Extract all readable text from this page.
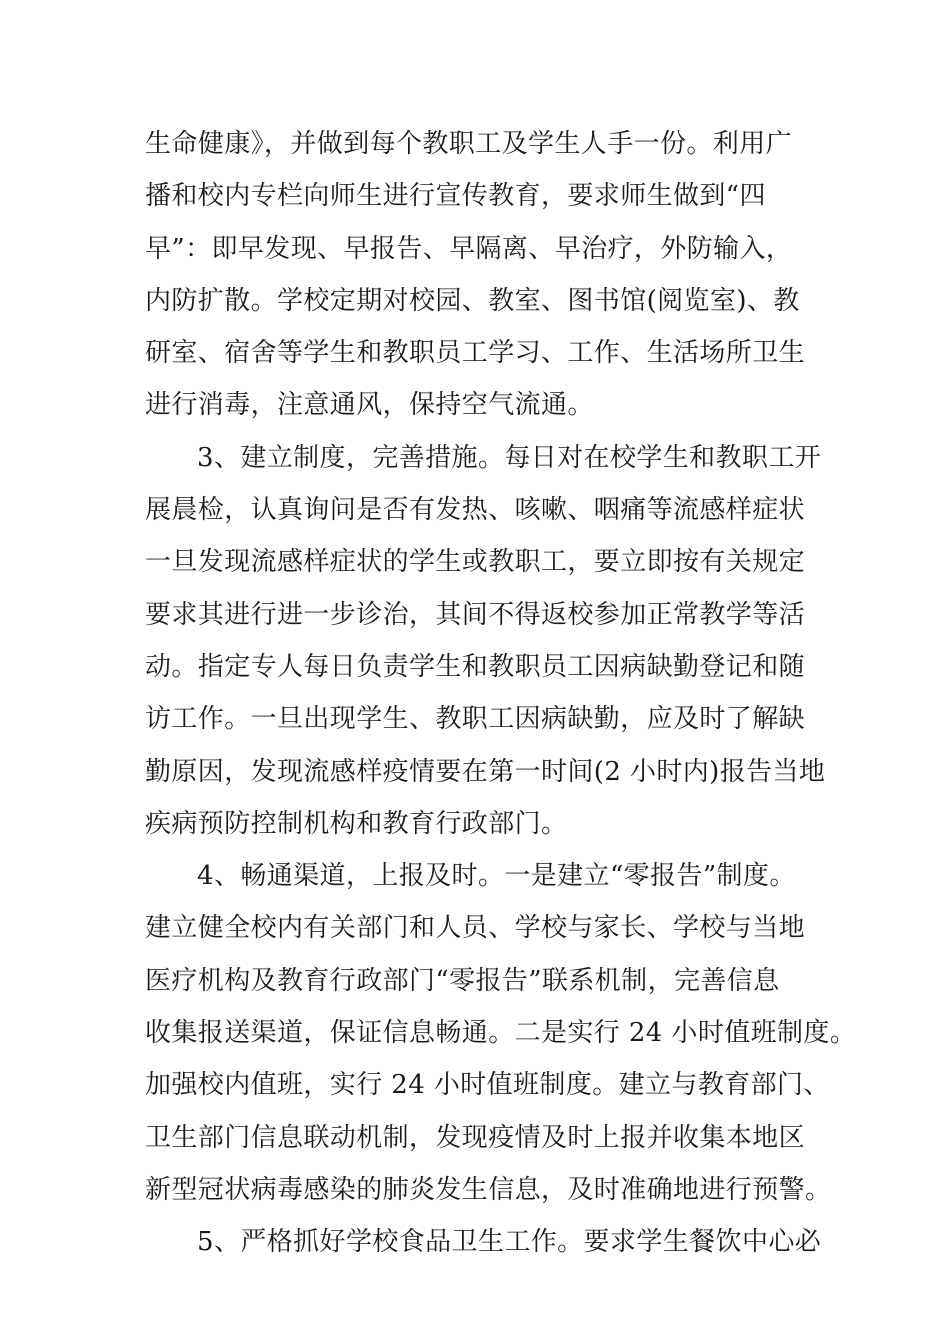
生命健康》，并做到每个教职工及学生人手一份。利用广
播和校内专栏向师生进行宣传教育，要求师生做到“四
早”：即早发现、早报告、早隔离、早治疗，外防输入，
内防扩散。学校定期对校园、教室、图书馆(阅览室)、教
研室、宿舍等学生和教职员工学习、工作、生活场所卫生
进行消毒，注意通风，保持空气流通。
3、建立制度，完善措施。每日对在校学生和教职工开
展晨检，认真询问是否有发热、咳嗽、咽痛等流感样症状
一旦发现流感样症状的学生或教职工，要立即按有关规定
要求其进行进一步诊治，其间不得返校参加正常教学等活
动。指定专人每日负责学生和教职员工因病缺勤登记和随
访工作。一旦出现学生、教职工因病缺勤，应及时了解缺
勤原因，发现流感样疫情要在第一时间(2 小时内)报告当地
疾病预防控制机构和教育行政部门。
4、畅通渠道，上报及时。一是建立“零报告”制度。
建立健全校内有关部门和人员、学校与家长、学校与当地
医疗机构及教育行政部门“零报告”联系机制，完善信息
收集报送渠道，保证信息畅通。二是实行 24 小时值班制度。
加强校内值班，实行 24 小时值班制度。建立与教育部门、
卫生部门信息联动机制，发现疫情及时上报并收集本地区
新型冠状病毒感染的肺炎发生信息，及时准确地进行预警。
5、严格抓好学校食品卫生工作。要求学生餐饮中心必
